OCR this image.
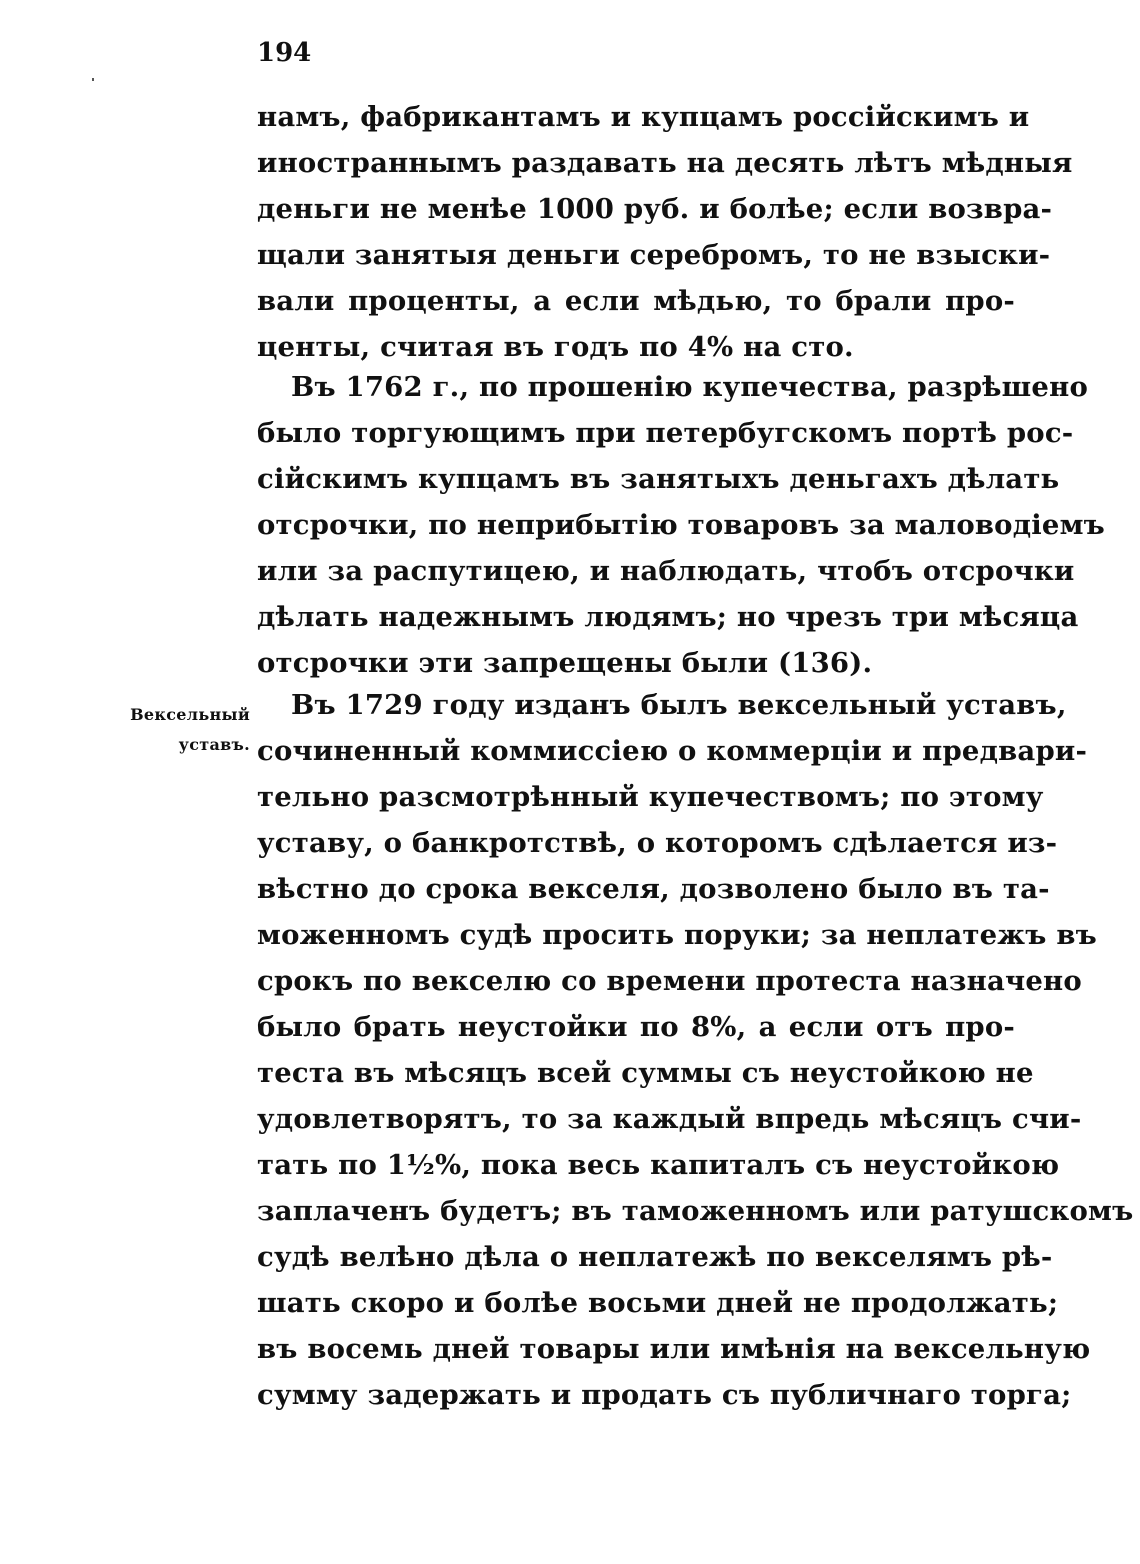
194
Вексельный
уставъ.
намъ, фабрикантамъ и купцамъ россійскимъ и
иностраннымъ раздавать на десять лѣтъ мѣдныя
деньги не менѣе 1000 руб. и болѣе; если возвра-
щали занятыя деньги серебромъ, то не взыски-
вали проценты, а если мѣдью, то брали про-
центы, считая въ годъ по 4% на сто.
Въ 1762 г., по прошенію купечества, разрѣшено
было торгующимъ при петербугскомъ портѣ рос-
сійскимъ купцамъ въ занятыхъ деньгахъ дѣлать
отсрочки, по неприбытію товаровъ за маловодіемъ
или за распутицею, и наблюдать, чтобъ отсрочки
дѣлать надежнымъ людямъ; но чрезъ три мѣсяца
отсрочки эти запрещены были (136).
Въ 1729 году изданъ былъ вексельный уставъ,
сочиненный коммиссіею о коммерціи и предвари-
тельно разсмотрѣнный купечествомъ; по этому
уставу, о банкротствѣ, о которомъ сдѣлается из-
вѣстно до срока векселя, дозволено было въ та-
моженномъ судѣ просить поруки; за неплатежъ въ
срокъ по векселю со времени протеста назначено
было брать неустойки по 8%, а если отъ про-
теста въ мѣсяцъ всей суммы съ неустойкою не
удовлетворятъ, то за каждый впредь мѣсяцъ счи-
тать по 1½%, пока весь капиталъ съ неустойкою
заплаченъ будетъ; въ таможенномъ или ратушскомъ
судѣ велѣно дѣла о неплатежѣ по векселямъ рѣ-
шать скоро и болѣе восьми дней не продолжать;
въ восемь дней товары или имѣнія на вексельную
сумму задержать и продать съ публичнаго торга;
